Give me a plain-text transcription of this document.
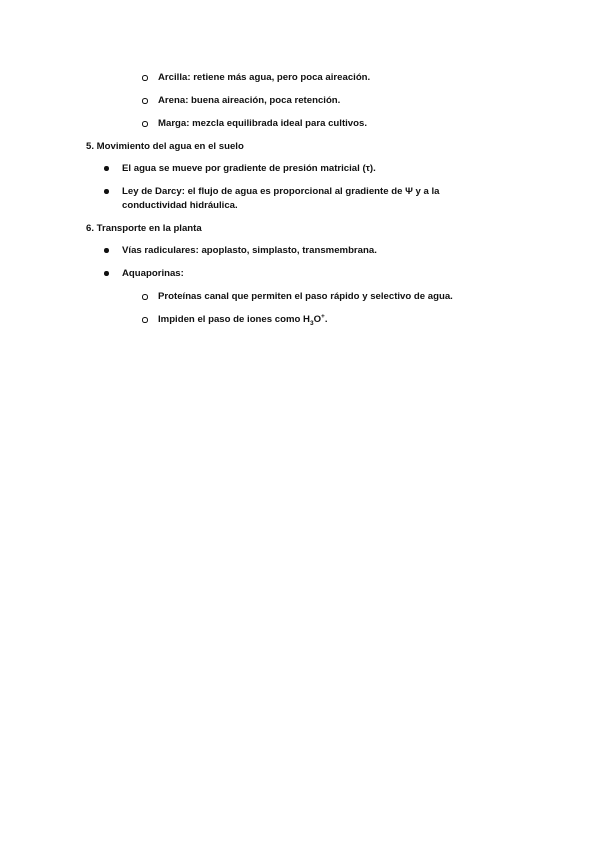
Arcilla: retiene más agua, pero poca aireación.
Arena: buena aireación, poca retención.
Marga: mezcla equilibrada ideal para cultivos.
5. Movimiento del agua en el suelo
El agua se mueve por gradiente de presión matricial (τ).
Ley de Darcy: el flujo de agua es proporcional al gradiente de Ψ y a la
conductividad hidráulica.
6. Transporte en la planta
Vías radiculares: apoplasto, simplasto, transmembrana.
Aquaporinas:
Proteínas canal que permiten el paso rápido y selectivo de agua.
Impiden el paso de iones como $H_3O^+$.
